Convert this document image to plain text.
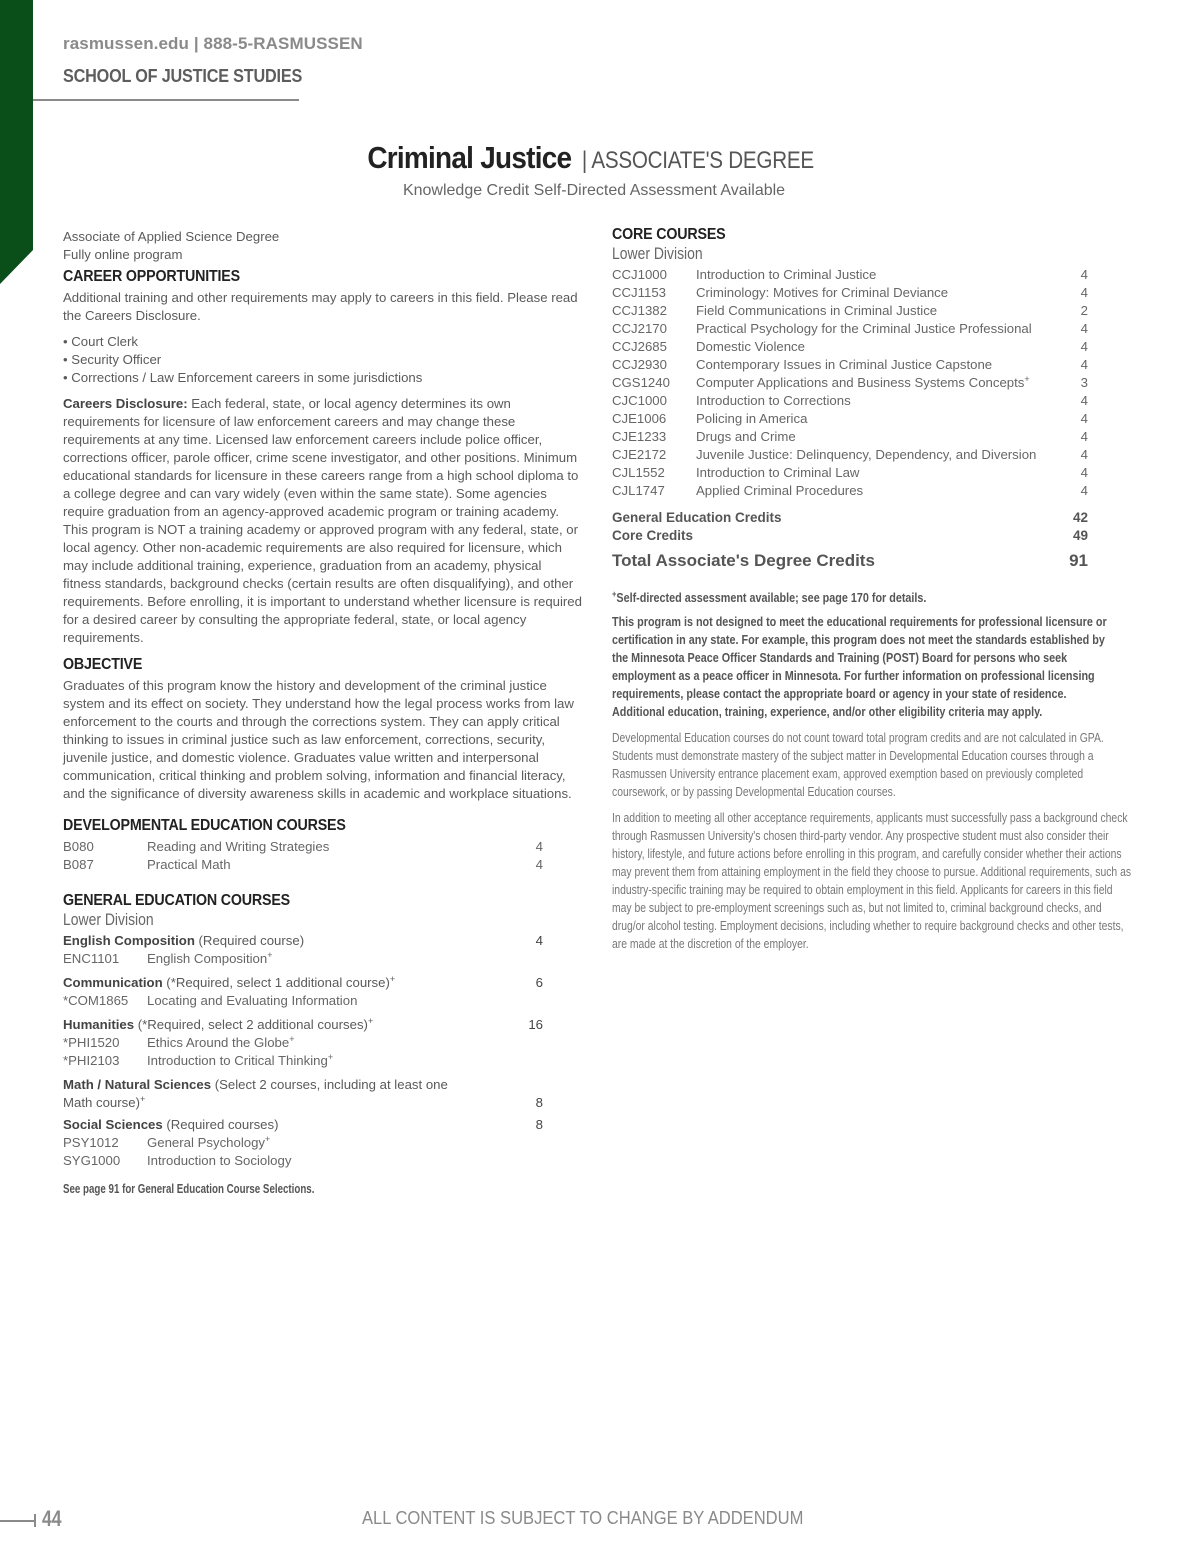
rasmussen.edu | 888-5-RASMUSSEN
SCHOOL OF JUSTICE STUDIES
Criminal Justice | ASSOCIATE'S DEGREE
Knowledge Credit Self-Directed Assessment Available
Associate of Applied Science Degree
Fully online program
CAREER OPPORTUNITIES
Additional training and other requirements may apply to careers in this field. Please read the Careers Disclosure.
• Court Clerk
• Security Officer
• Corrections / Law Enforcement careers in some jurisdictions
Careers Disclosure: Each federal, state, or local agency determines its own requirements for licensure of law enforcement careers and may change these requirements at any time. Licensed law enforcement careers include police officer, corrections officer, parole officer, crime scene investigator, and other positions. Minimum educational standards for licensure in these careers range from a high school diploma to a college degree and can vary widely (even within the same state). Some agencies require graduation from an agency-approved academic program or training academy. This program is NOT a training academy or approved program with any federal, state, or local agency. Other non-academic requirements are also required for licensure, which may include additional training, experience, graduation from an academy, physical fitness standards, background checks (certain results are often disqualifying), and other requirements. Before enrolling, it is important to understand whether licensure is required for a desired career by consulting the appropriate federal, state, or local agency requirements.
OBJECTIVE
Graduates of this program know the history and development of the criminal justice system and its effect on society. They understand how the legal process works from law enforcement to the courts and through the corrections system. They can apply critical thinking to issues in criminal justice such as law enforcement, corrections, security, juvenile justice, and domestic violence. Graduates value written and interpersonal communication, critical thinking and problem solving, information and financial literacy, and the significance of diversity awareness skills in academic and workplace situations.
DEVELOPMENTAL EDUCATION COURSES
B080	Reading and Writing Strategies	4
B087	Practical Math	4
GENERAL EDUCATION COURSES
Lower Division
English Composition (Required course)	4
ENC1101	English Composition+
Communication (*Required, select 1 additional course)+	6
*COM1865	Locating and Evaluating Information
Humanities (*Required, select 2 additional courses)+	16
*PHI1520	Ethics Around the Globe+
*PHI2103	Introduction to Critical Thinking+
Math / Natural Sciences (Select 2 courses, including at least one
Math course)+	8
Social Sciences (Required courses)	8
PSY1012	General Psychology+
SYG1000	Introduction to Sociology
See page 91 for General Education Course Selections.
CORE COURSES
Lower Division
CCJ1000	Introduction to Criminal Justice	4
CCJ1153	Criminology: Motives for Criminal Deviance	4
CCJ1382	Field Communications in Criminal Justice	2
CCJ2170	Practical Psychology for the Criminal Justice Professional	4
CCJ2685	Domestic Violence	4
CCJ2930	Contemporary Issues in Criminal Justice Capstone	4
CGS1240	Computer Applications and Business Systems Concepts+	3
CJC1000	Introduction to Corrections	4
CJE1006	Policing in America	4
CJE1233	Drugs and Crime	4
CJE2172	Juvenile Justice: Delinquency, Dependency, and Diversion	4
CJL1552	Introduction to Criminal Law	4
CJL1747	Applied Criminal Procedures	4
General Education Credits	42
Core Credits	49
Total Associate's Degree Credits	91
+Self-directed assessment available; see page 170 for details.
This program is not designed to meet the educational requirements for professional licensure or certification in any state. For example, this program does not meet the standards established by the Minnesota Peace Officer Standards and Training (POST) Board for persons who seek employment as a peace officer in Minnesota. For further information on professional licensing requirements, please contact the appropriate board or agency in your state of residence. Additional education, training, experience, and/or other eligibility criteria may apply.
Developmental Education courses do not count toward total program credits and are not calculated in GPA. Students must demonstrate mastery of the subject matter in Developmental Education courses through a Rasmussen University entrance placement exam, approved exemption based on previously completed coursework, or by passing Developmental Education courses.
In addition to meeting all other acceptance requirements, applicants must successfully pass a background check through Rasmussen University's chosen third-party vendor. Any prospective student must also consider their history, lifestyle, and future actions before enrolling in this program, and carefully consider whether their actions may prevent them from attaining employment in the field they choose to pursue. Additional requirements, such as industry-specific training may be required to obtain employment in this field. Applicants for careers in this field may be subject to pre-employment screenings such as, but not limited to, criminal background checks, and drug/or alcohol testing. Employment decisions, including whether to require background checks and other tests, are made at the discretion of the employer.
44	ALL CONTENT IS SUBJECT TO CHANGE BY ADDENDUM
